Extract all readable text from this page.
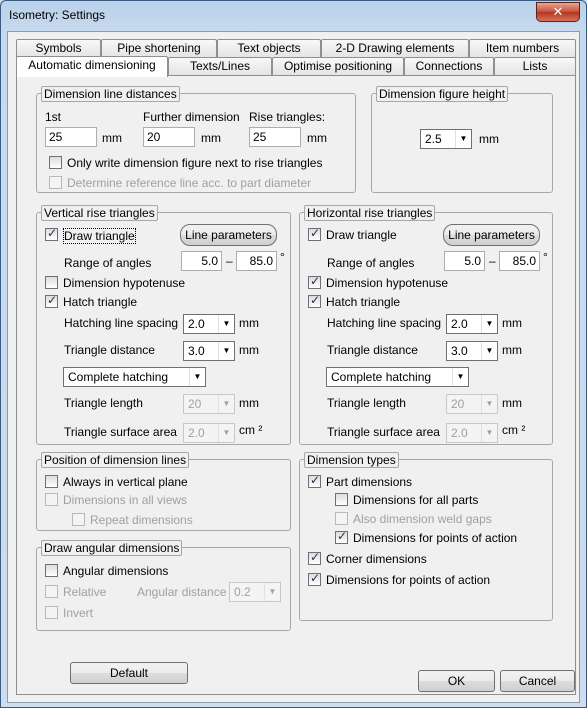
Isometry: Settings	✕
Symbols	Pipe shortening	Text objects	2-D Drawing elements	Item numbers
Automatic dimensioning	Texts/Lines	Optimise positioning	Connections	Lists
Dimension line distances
1st
25	mm
Further dimension
20	mm
Rise triangles:
25	mm
Only write dimension figure next to rise triangles
Determine reference line acc. to part diameter
Dimension figure height
2.5	▼ mm
Vertical rise triangles
✓
Draw triangle	Line parameters
Range of angles	5.0 –	85.0 °
Dimension hypotenuse
✓
Hatch triangle
Hatching line spacing 2.0	▼ mm
Triangle distance	3.0	▼ mm
Complete hatching	▼
Triangle length	20	▼ mm
Triangle surface area 2.0	▼ cm ²
Horizontal rise triangles
✓
Draw triangle	Line parameters
Range of angles	5.0 –	85.0 °
✓
Dimension hypotenuse
✓
Hatch triangle
Hatching line spacing 2.0	▼ mm
Triangle distance	3.0	▼ mm
Complete hatching	▼
Triangle length	20	▼ mm
Triangle surface area 2.0	▼ cm ²
Position of dimension lines
Always in vertical plane
Dimensions in all views
Repeat dimensions
Draw angular dimensions
Angular dimensions
Relative	Angular distance 0.2	▼
Invert
Dimension types
✓
Part dimensions
Dimensions for all parts
Also dimension weld gaps
✓
Dimensions for points of action
✓
Corner dimensions
✓
Dimensions for points of action
Default
OK	Cancel
